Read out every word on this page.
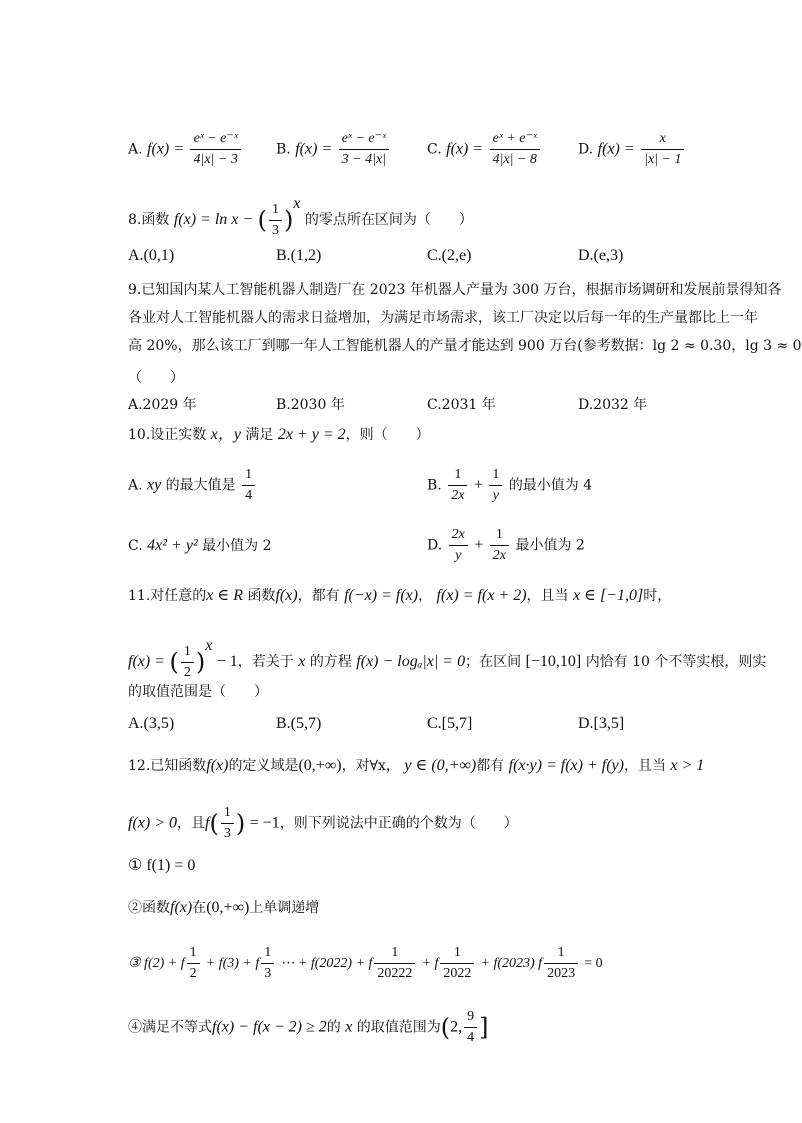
A. $f(x) = \frac{\text{eˣ − e⁻ˣ}}{4|x| - 3}$	B. $f(x) = \frac{\text{eˣ − e⁻ˣ}}{3 - 4|x|}$	C. $f(x) = \frac{\text{eˣ + e⁻ˣ}}{4|x| - 8}$	D. $f(x) = \frac{x}{|x| - 1}$
8.函数 f(x) = ln x − ( $\frac{1}{3} )^x$ 的零点所在区间为（　　）
A.(0,1)	B.(1,2)	C.(2,e)	D.(e,3)
9.已知国内某人工智能机器人制造厂在 2023 年机器人产量为 300 万台，根据市场调研和发展前景得知各
各业对人工智能机器人的需求日益增加，为满足市场需求，该工厂决定以后每一年的生产量都比上一年
高 20%，那么该工厂到哪一年人工智能机器人的产量才能达到 900 万台(参考数据：lg 2 ≈ 0.30，lg 3 ≈ 0
（　　）
A.2029 年	B.2030 年	C.2031 年	D.2032 年
10.设正实数 x，y 满足 2x + y = 2，则（　　）
A. xy 的最大值是 $\frac{1}{4}$	B. $\frac{1}{2x} + \frac{1}{y}$ 的最小值为 4
C. 4x² + y² 最小值为 2	D. $\frac{2x}{y} + \frac{1}{2x}$ 最小值为 2
11.对任意的x ∈ R 函数f(x)，都有 f(−x) = f(x)， f(x) = f(x + 2)，且当 x ∈ [−1,0]时，
f(x) = ( $\frac{1}{2} )^x - 1$，若关于 x 的方程 f(x) − logₐ|x| = 0；在区间 [−10,10] 内恰有 10 个不等实根，则实
的取值范围是（　　）
A.(3,5)	B.(5,7)	C.[5,7]	D.[3,5]
12.已知函数f(x)的定义域是(0,+∞)，对∀x， y ∈ (0,+∞)都有 f(x·y) = f(x) + f(y)，且当 x > 1
f(x) > 0，且$f( \frac{1}{3}$ ) = −1，则下列说法中正确的个数为（　　）
① f(1) = 0
②函数f(x)在(0,+∞)上单调递增
③ f(2) + f $\frac{1}{2} + f(3) + f \frac{1}{3}$ ⋯ + f(2022) + f $\frac{1}{20222} + f \frac{1}{2022} + f(2023)$ f $\frac{1}{2023} = 0$
④满足不等式f(x) − f(x − 2) ≥ 2的 x 的取值范围为(2, $\frac{9}{4}$ ]
